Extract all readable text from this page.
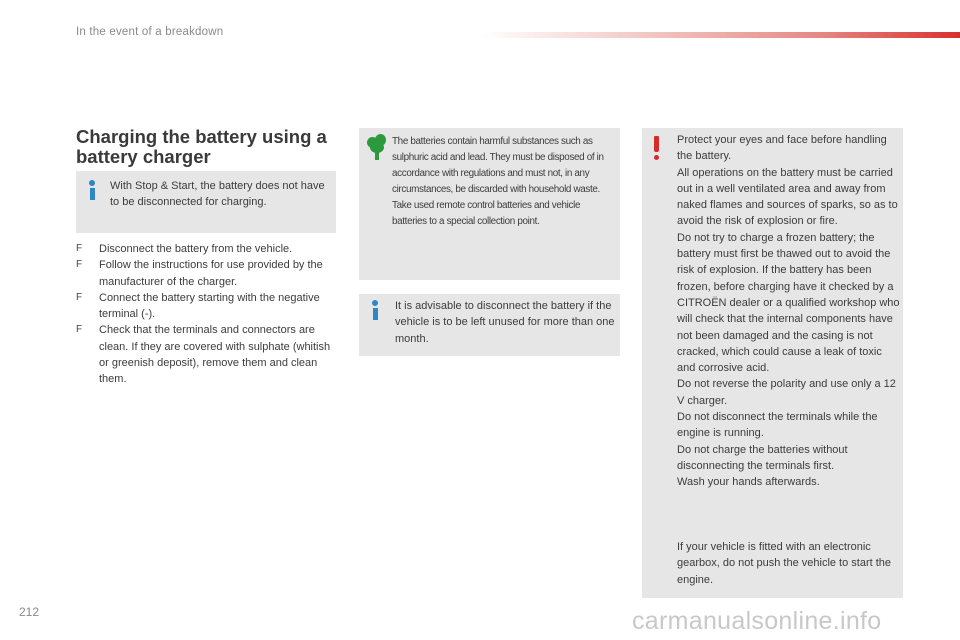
In the event of a breakdown
Charging the battery using a battery charger
With Stop & Start, the battery does not have to be disconnected for charging.
F Disconnect the battery from the vehicle.
F Follow the instructions for use provided by the manufacturer of the charger.
F Connect the battery starting with the negative terminal (-).
F Check that the terminals and connectors are clean. If they are covered with sulphate (whitish or greenish deposit), remove them and clean them.

The batteries contain harmful substances such as sulphuric acid and lead. They must be disposed of in accordance with regulations and must not, in any circumstances, be discarded with household waste.

Take used remote control batteries and vehicle batteries to a special collection point.

It is advisable to disconnect the battery if the vehicle is to be left unused for more than one month.

Protect your eyes and face before handling the battery.

All operations on the battery must be carried out in a well ventilated area and away from naked flames and sources of sparks, so as to avoid the risk of explosion or fire.

Do not try to charge a frozen battery; the battery must first be thawed out to avoid the risk of explosion. If the battery has been frozen, before charging have it checked by a CITROËN dealer or a qualified workshop who will check that the internal components have not been damaged and the casing is not cracked, which could cause a leak of toxic and corrosive acid.

Do not reverse the polarity and use only a 12 V charger.

Do not disconnect the terminals while the engine is running.

Do not charge the batteries without disconnecting the terminals first.

Wash your hands afterwards.

If your vehicle is fitted with an electronic gearbox, do not push the vehicle to start the engine.
212	carmanualsonline.info
